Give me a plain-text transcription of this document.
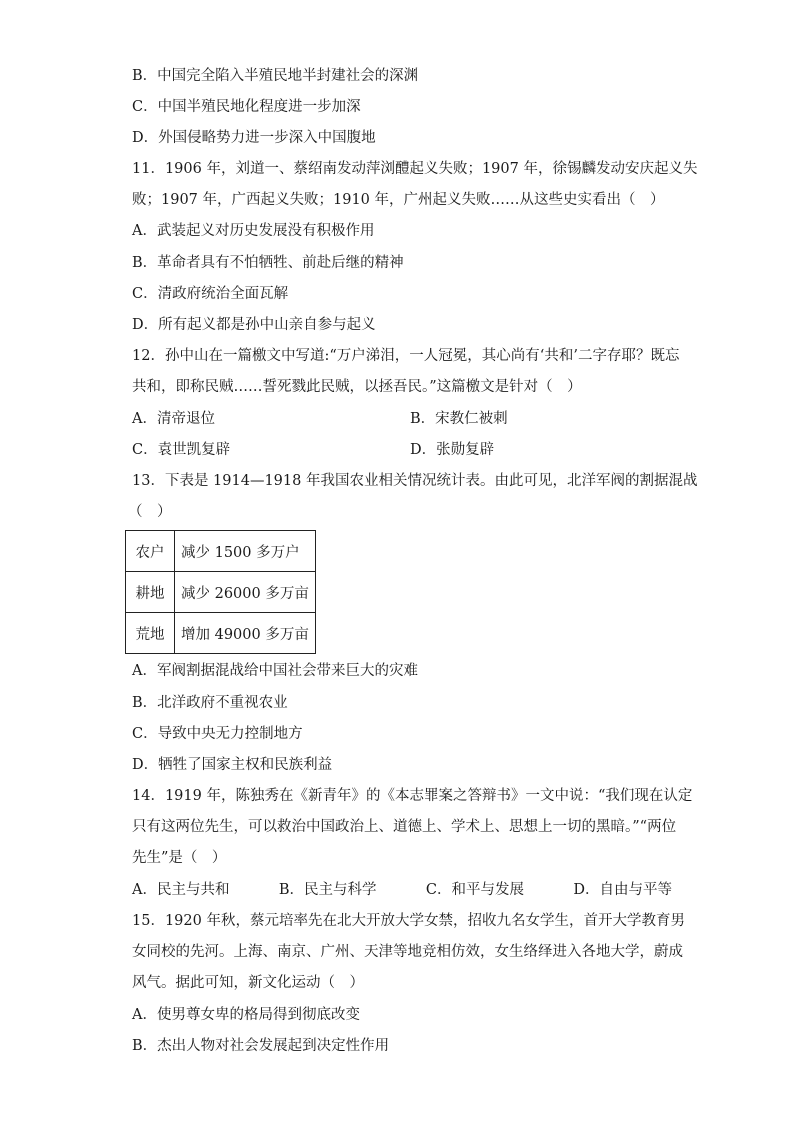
B．中国完全陷入半殖民地半封建社会的深渊
C．中国半殖民地化程度进一步加深
D．外国侵略势力进一步深入中国腹地
11．1906 年，刘道一、蔡绍南发动萍浏醴起义失败；1907 年，徐锡麟发动安庆起义失
败；1907 年，广西起义失败；1910 年，广州起义失败……从这些史实看出（　）
A．武装起义对历史发展没有积极作用
B．革命者具有不怕牺牲、前赴后继的精神
C．清政府统治全面瓦解
D．所有起义都是孙中山亲自参与起义
12．孙中山在一篇檄文中写道:“万户涕泪，一人冠冕，其心尚有‘共和’二字存耶？既忘
共和，即称民贼……誓死戮此民贼，以拯吾民。”这篇檄文是针对（　）
A．清帝退位	B．宋教仁被刺
C．袁世凯复辟	D．张勋复辟
13．下表是 1914—1918 年我国农业相关情况统计表。由此可见，北洋军阀的割据混战
（　）
农户	减少 1500 多万户
耕地	减少 26000 多万亩
荒地	增加 49000 多万亩
A．军阀割据混战给中国社会带来巨大的灾难
B．北洋政府不重视农业
C．导致中央无力控制地方
D．牺牲了国家主权和民族利益
14．1919 年，陈独秀在《新青年》的《本志罪案之答辩书》一文中说：“我们现在认定
只有这两位先生，可以救治中国政治上、道德上、学术上、思想上一切的黑暗。”“两位
先生”是（　）
A．民主与共和	B．民主与科学	C．和平与发展	D．自由与平等
15．1920 年秋，蔡元培率先在北大开放大学女禁，招收九名女学生，首开大学教育男
女同校的先河。上海、南京、广州、天津等地竞相仿效，女生络绎进入各地大学，蔚成
风气。据此可知，新文化运动（　）
A．使男尊女卑的格局得到彻底改变
B．杰出人物对社会发展起到决定性作用
